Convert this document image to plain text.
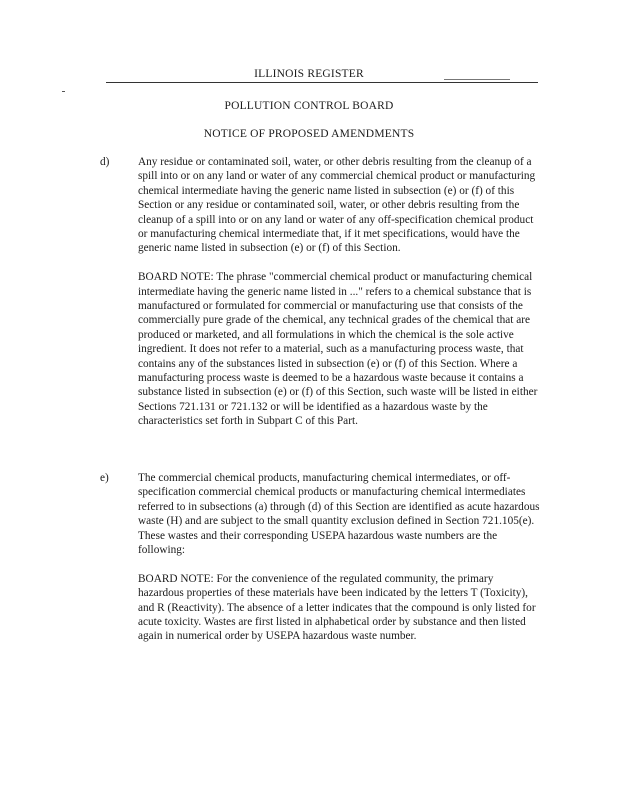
ILLINOIS REGISTER
POLLUTION CONTROL BOARD
NOTICE OF PROPOSED AMENDMENTS
d)	Any residue or contaminated soil, water, or other debris resulting from the cleanup of a spill into or on any land or water of any commercial chemical product or manufacturing chemical intermediate having the generic name listed in subsection (e) or (f) of this Section or any residue or contaminated soil, water, or other debris resulting from the cleanup of a spill into or on any land or water of any off-specification chemical product or manufacturing chemical intermediate that, if it met specifications, would have the generic name listed in subsection (e) or (f) of this Section.

BOARD NOTE: The phrase "commercial chemical product or manufacturing chemical intermediate having the generic name listed in ..." refers to a chemical substance that is manufactured or formulated for commercial or manufacturing use that consists of the commercially pure grade of the chemical, any technical grades of the chemical that are produced or marketed, and all formulations in which the chemical is the sole active ingredient. It does not refer to a material, such as a manufacturing process waste, that contains any of the substances listed in subsection (e) or (f) of this Section. Where a manufacturing process waste is deemed to be a hazardous waste because it contains a substance listed in subsection (e) or (f) of this Section, such waste will be listed in either Sections 721.131 or 721.132 or will be identified as a hazardous waste by the characteristics set forth in Subpart C of this Part.

e)	The commercial chemical products, manufacturing chemical intermediates, or off-specification commercial chemical products or manufacturing chemical intermediates referred to in subsections (a) through (d) of this Section are identified as acute hazardous waste (H) and are subject to the small quantity exclusion defined in Section 721.105(e). These wastes and their corresponding USEPA hazardous waste numbers are the following:

BOARD NOTE: For the convenience of the regulated community, the primary hazardous properties of these materials have been indicated by the letters T (Toxicity), and R (Reactivity). The absence of a letter indicates that the compound is only listed for acute toxicity. Wastes are first listed in alphabetical order by substance and then listed again in numerical order by USEPA hazardous waste number.
